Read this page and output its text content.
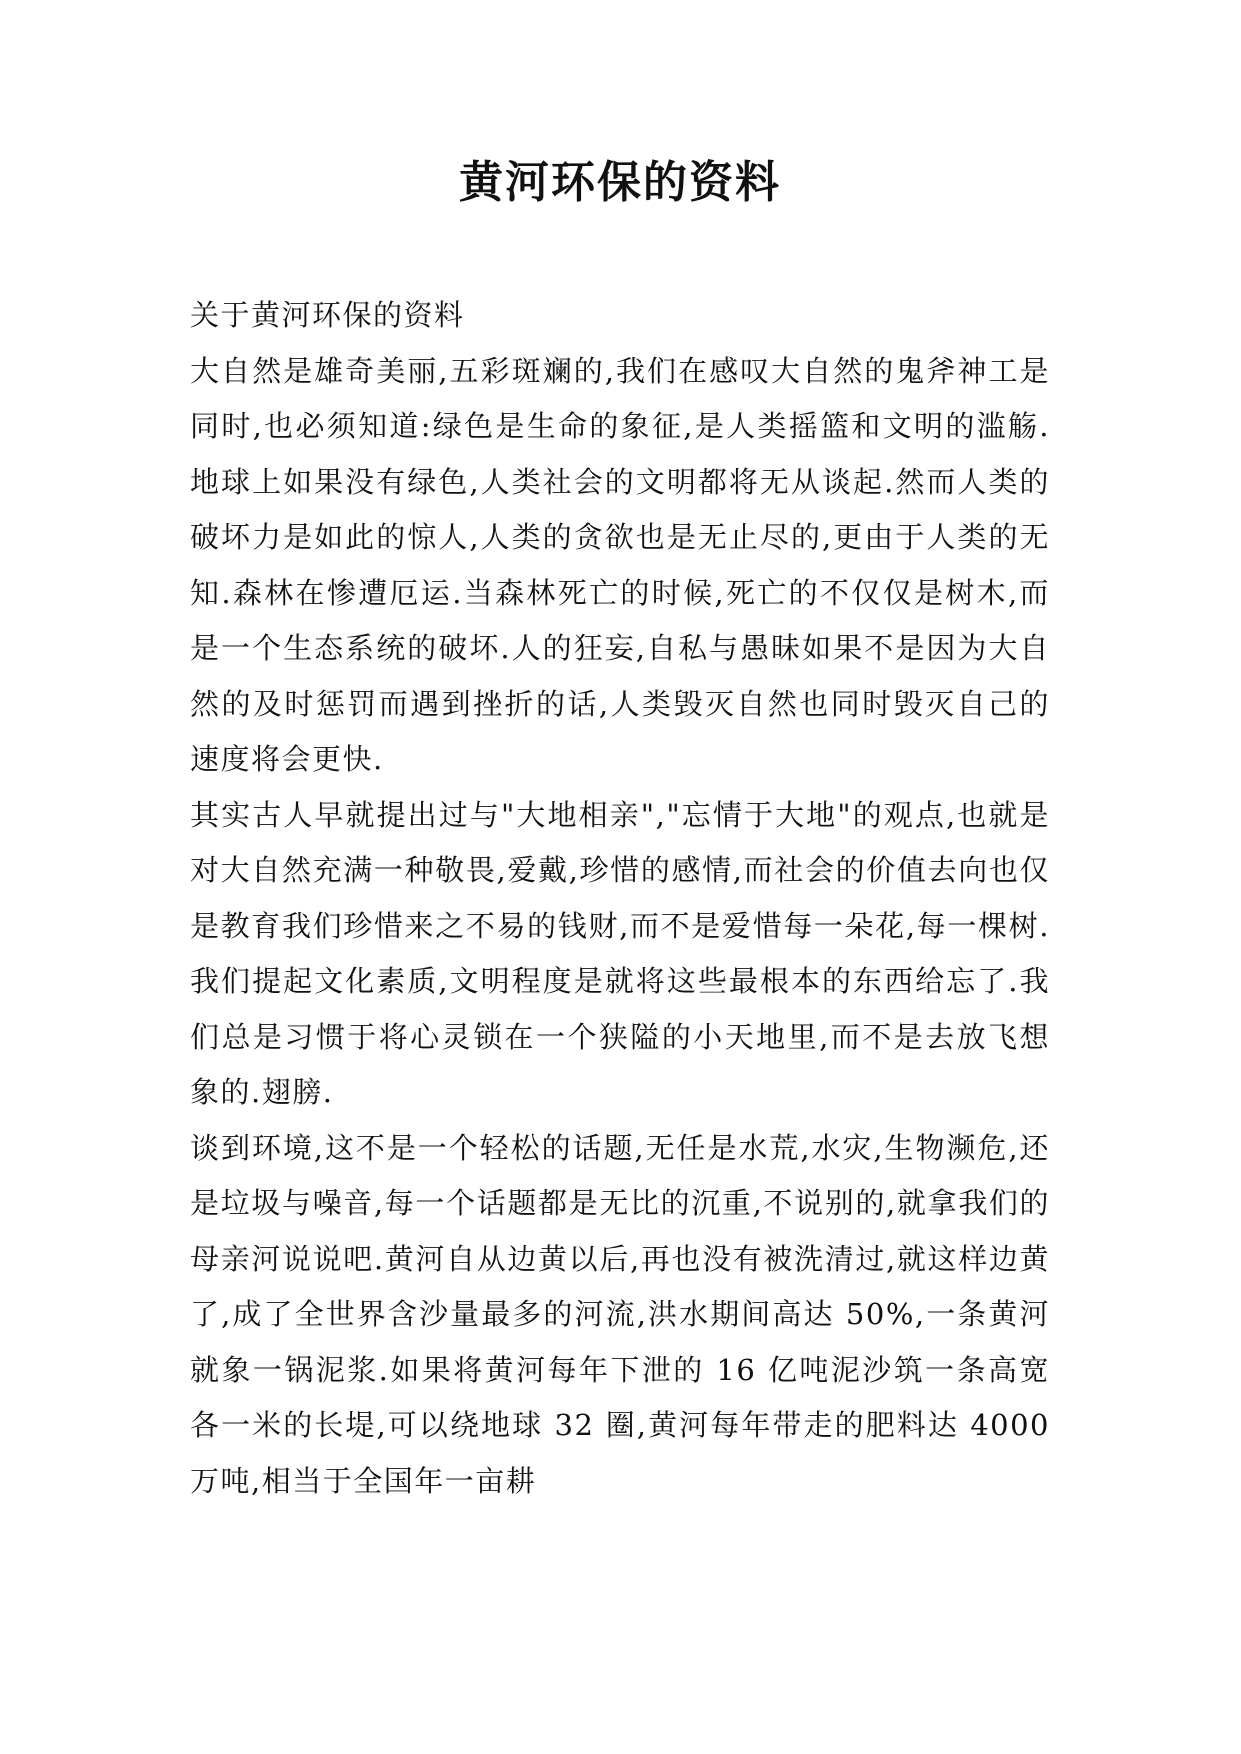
黄河环保的资料

关于黄河环保的资料

大自然是雄奇美丽,五彩斑斓的,我们在感叹大自然的鬼斧神工是同时,也必须知道:绿色是生命的象征,是人类摇篮和文明的滥觞.地球上如果没有绿色,人类社会的文明都将无从谈起.然而人类的破坏力是如此的惊人,人类的贪欲也是无止尽的,更由于人类的无知.森林在惨遭厄运.当森林死亡的时候,死亡的不仅仅是树木,而是一个生态系统的破坏.人的狂妄,自私与愚昧如果不是因为大自然的及时惩罚而遇到挫折的话,人类毁灭自然也同时毁灭自己的速度将会更快.

其实古人早就提出过与"大地相亲","忘情于大地"的观点,也就是对大自然充满一种敬畏,爱戴,珍惜的感情,而社会的价值去向也仅是教育我们珍惜来之不易的钱财,而不是爱惜每一朵花,每一棵树.我们提起文化素质,文明程度是就将这些最根本的东西给忘了.我们总是习惯于将心灵锁在一个狭隘的小天地里,而不是去放飞想象的.翅膀.

谈到环境,这不是一个轻松的话题,无任是水荒,水灾,生物濒危,还是垃圾与噪音,每一个话题都是无比的沉重,不说别的,就拿我们的母亲河说说吧.黄河自从边黄以后,再也没有被洗清过,就这样边黄了,成了全世界含沙量最多的河流,洪水期间高达 50%,一条黄河就象一锅泥浆.如果将黄河每年下泄的 16 亿吨泥沙筑一条高宽各一米的长堤,可以绕地球 32 圈,黄河每年带走的肥料达 4000 万吨,相当于全国年一亩耕
